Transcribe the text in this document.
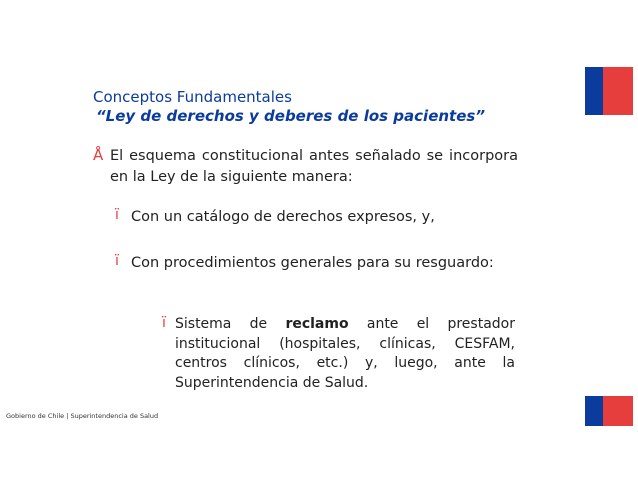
Conceptos Fundamentales
“Ley de derechos y deberes de los pacientes”
Å El esquema constitucional antes señalado se incorpora en la Ley de la siguiente manera:
ï Con un catálogo de derechos expresos, y,
ï Con procedimientos generales para su resguardo:
ï Sistema de reclamo ante el prestador institucional (hospitales, clínicas, CESFAM, centros clínicos, etc.) y, luego, ante la Superintendencia de Salud.
Gobierno de Chile | Superintendencia de Salud
